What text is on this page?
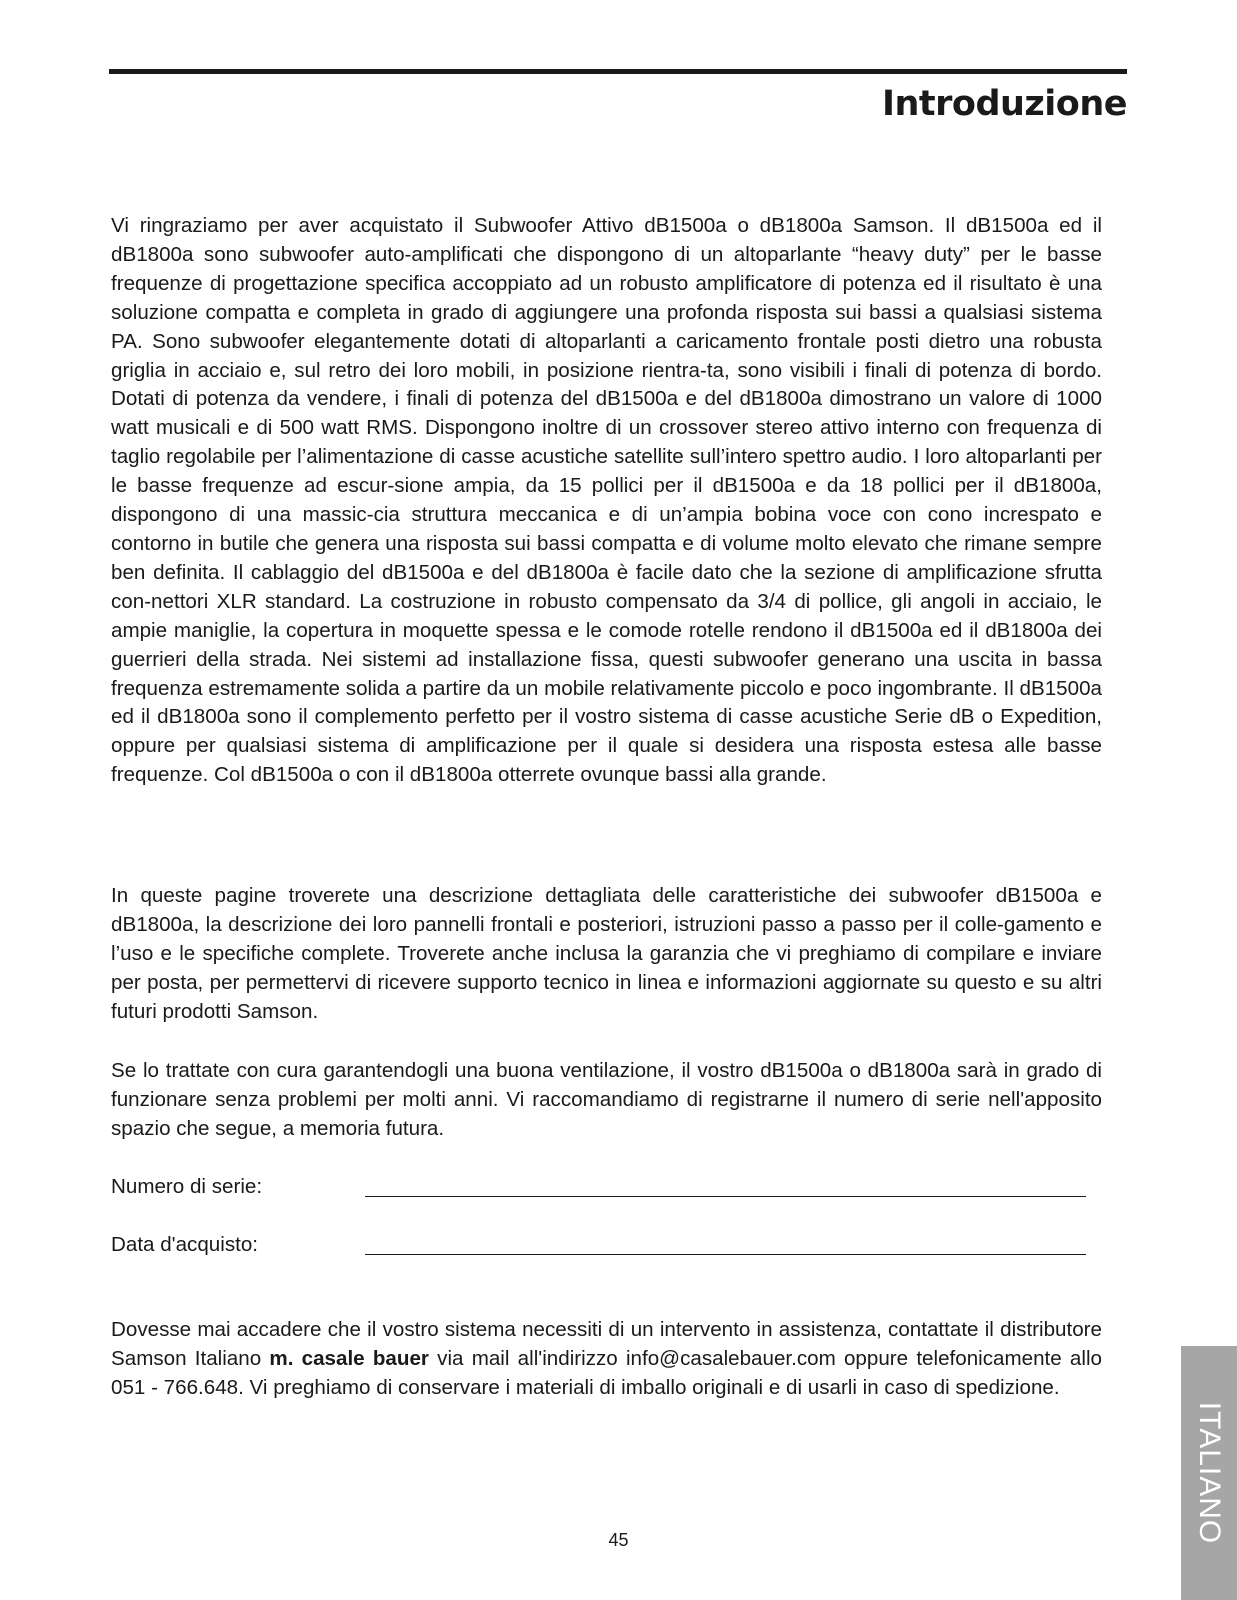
Introduzione

Vi ringraziamo per aver acquistato il Subwoofer Attivo dB1500a o dB1800a Samson. Il dB1500a ed il dB1800a sono subwoofer auto-amplificati che dispongono di un altoparlante “heavy duty” per le basse frequenze di progettazione specifica accoppiato ad un robusto amplificatore di potenza ed il risultato è una soluzione compatta e completa in grado di aggiungere una profonda risposta sui bassi a qualsiasi sistema PA. Sono subwoofer elegantemente dotati di altoparlanti a caricamento frontale posti dietro una robusta griglia in acciaio e, sul retro dei loro mobili, in posizione rientra-ta, sono visibili i finali di potenza di bordo. Dotati di potenza da vendere, i finali di potenza del dB1500a e del dB1800a dimostrano un valore di 1000 watt musicali e di 500 watt RMS. Dispongono inoltre di un crossover stereo attivo interno con frequenza di taglio regolabile per l’alimentazione di casse acustiche satellite sull’intero spettro audio. I loro altoparlanti per le basse frequenze ad escur-sione ampia, da 15 pollici per il dB1500a e da 18 pollici per il dB1800a, dispongono di una massic-cia struttura meccanica e di un’ampia bobina voce con cono increspato e contorno in butile che genera una risposta sui bassi compatta e di volume molto elevato che rimane sempre ben definita. Il cablaggio del dB1500a e del dB1800a è facile dato che la sezione di amplificazione sfrutta con-nettori XLR standard. La costruzione in robusto compensato da 3/4 di pollice, gli angoli in acciaio, le ampie maniglie, la copertura in moquette spessa e le comode rotelle rendono il dB1500a ed il dB1800a dei guerrieri della strada. Nei sistemi ad installazione fissa, questi subwoofer generano una uscita in bassa frequenza estremamente solida a partire da un mobile relativamente piccolo e poco ingombrante. Il dB1500a ed il dB1800a sono il complemento perfetto per il vostro sistema di casse acustiche Serie dB o Expedition, oppure per qualsiasi sistema di amplificazione per il quale si desidera una risposta estesa alle basse frequenze. Col dB1500a o con il dB1800a otterrete ovunque bassi alla grande.

In queste pagine troverete una descrizione dettagliata delle caratteristiche dei subwoofer dB1500a e dB1800a, la descrizione dei loro pannelli frontali e posteriori, istruzioni passo a passo per il colle-gamento e l’uso e le specifiche complete. Troverete anche inclusa la garanzia che vi preghiamo di compilare e inviare per posta, per permettervi di ricevere supporto tecnico in linea e informazioni aggiornate su questo e su altri futuri prodotti Samson.

Se lo trattate con cura garantendogli una buona ventilazione, il vostro dB1500a o dB1800a sarà in grado di funzionare senza problemi per molti anni. Vi raccomandiamo di registrarne il numero di serie nell'apposito spazio che segue, a memoria futura.

Numero di serie:
Data d'acquisto:

Dovesse mai accadere che il vostro sistema necessiti di un intervento in assistenza, contattate il distributore Samson Italiano m. casale bauer via mail all'indirizzo info@casalebauer.com oppure telefonicamente allo 051 - 766.648. Vi preghiamo di conservare i materiali di imballo originali e di usarli in caso di spedizione.

ITALIANO
45
